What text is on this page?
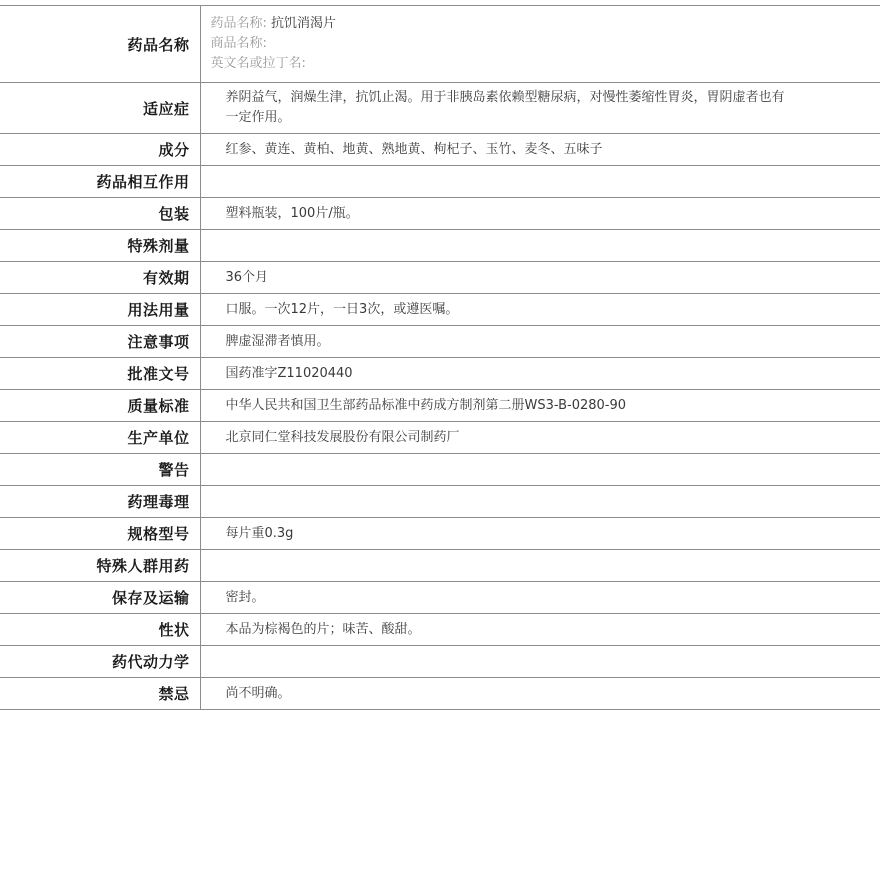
药品名称	药品名称: 抗饥消渴片
商品名称:
英文名或拉丁名:

适应症	养阴益气，润燥生津，抗饥止渴。用于非胰岛素依赖型糖尿病，对慢性萎缩性胃炎，胃阴虚者也有一定作用。
成分	红参、黄连、黄柏、地黄、熟地黄、枸杞子、玉竹、麦冬、五味子
药品相互作用	
包装	塑料瓶装，100片/瓶。
特殊剂量	
有效期	36个月
用法用量	口服。一次12片，一日3次，或遵医嘱。
注意事项	脾虚湿滞者慎用。
批准文号	国药准字Z11020440
质量标准	中华人民共和国卫生部药品标准中药成方制剂第二册WS3-B-0280-90
生产单位	北京同仁堂科技发展股份有限公司制药厂
警告	
药理毒理	
规格型号	每片重0.3g
特殊人群用药	
保存及运输	密封。
性状	本品为棕褐色的片；味苦、酸甜。
药代动力学	
禁忌	尚不明确。
